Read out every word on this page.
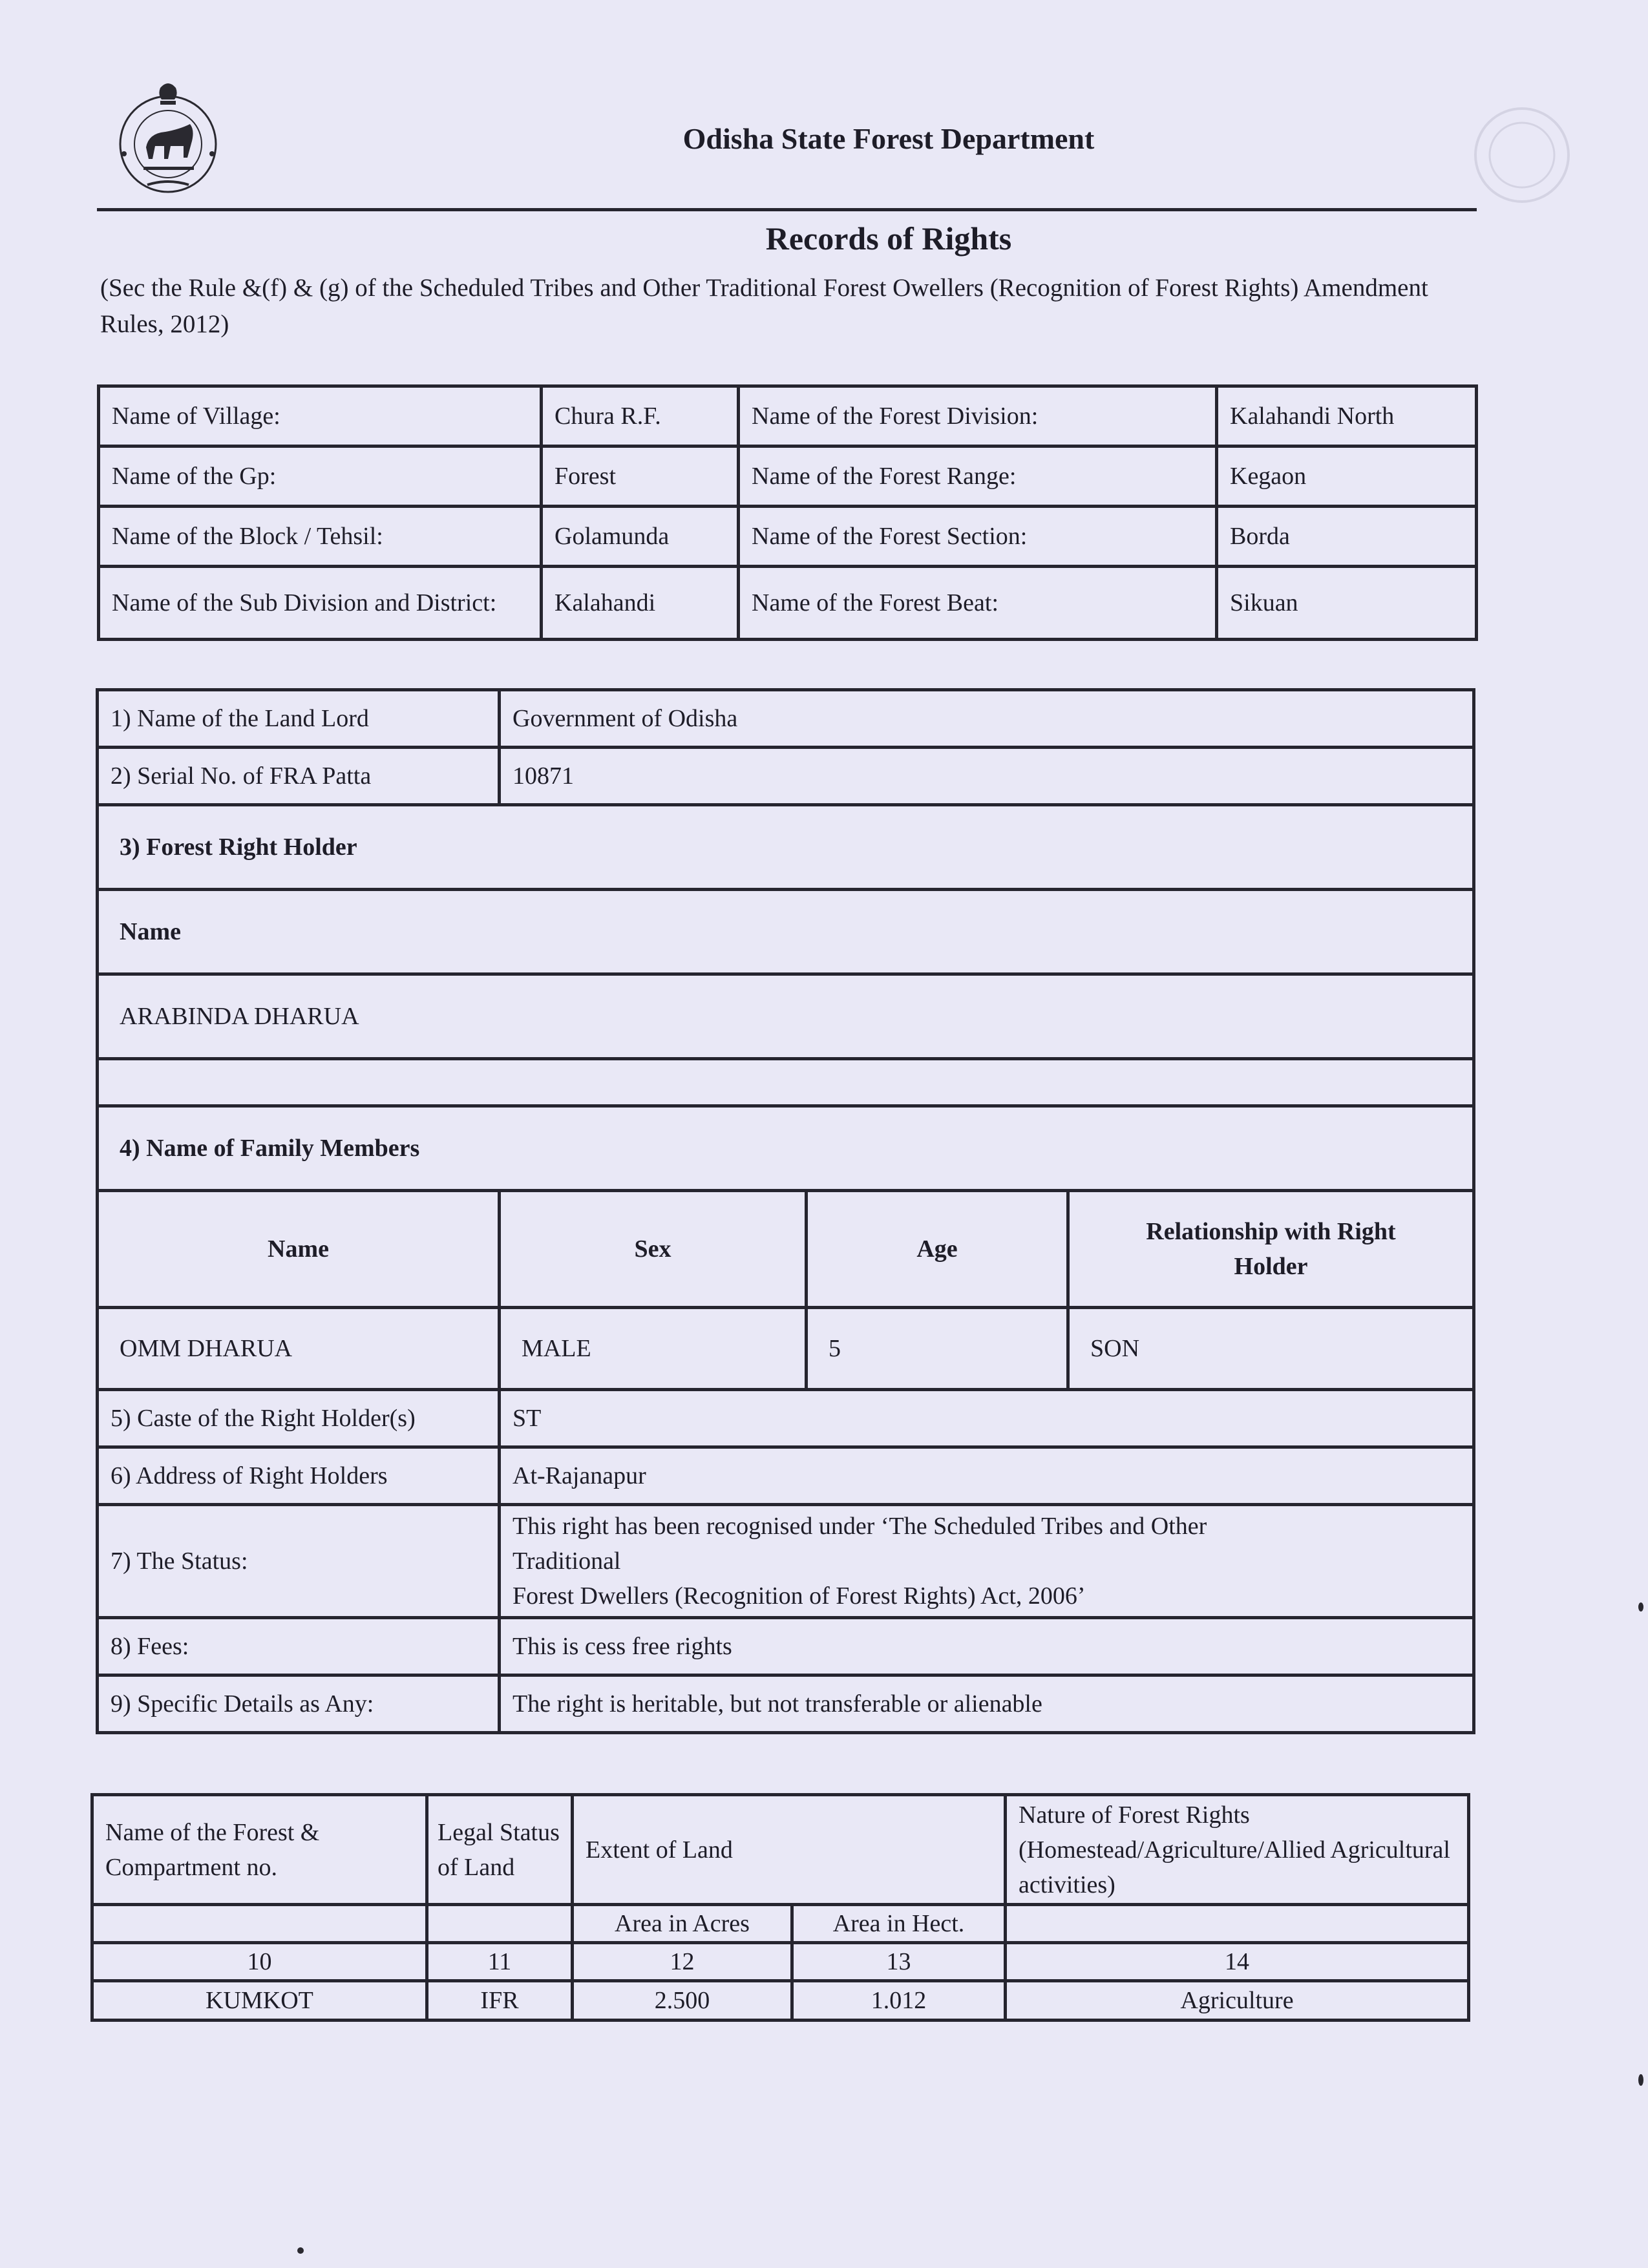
Odisha State Forest Department
Records of Rights
(Sec the Rule &(f) & (g) of the Scheduled Tribes and Other Traditional Forest Owellers (Recognition of Forest Rights) Amendment Rules, 2012)
Name of Village:	Chura R.F.	Name of the Forest Division:	Kalahandi North
Name of the Gp:	Forest	Name of the Forest Range:	Kegaon
Name of the Block / Tehsil:	Golamunda	Name of the Forest Section:	Borda
Name of the Sub Division and District:	Kalahandi	Name of the Forest Beat:	Sikuan
1) Name of the Land Lord	Government of Odisha		
2) Serial No. of FRA Patta	10871		
3) Forest Right Holder			
Name			
ARABINDA DHARUA			

4) Name of Family Members			
Name	Sex	Age	Relationship with Right Holder
OMM DHARUA	MALE	5	SON
5) Caste of the Right Holder(s)	ST		
6) Address of Right Holders	At-Rajanapur		
7) The Status:	This right has been recognised under ‘The Scheduled Tribes and Other
Traditional
Forest Dwellers (Recognition of Forest Rights) Act, 2006’		

8) Fees:	This is cess free rights		
9) Specific Details as Any:	The right is heritable, but not transferable or alienable		
Name of the Forest & Compartment no.	Legal Status of Land	Extent of Land		Nature of Forest Rights (Homestead/Agriculture/Allied Agricultural activities)
		Area in Acres	Area in Hect.	
10	11	12	13	14
KUMKOT	IFR	2.500	1.012	Agriculture
